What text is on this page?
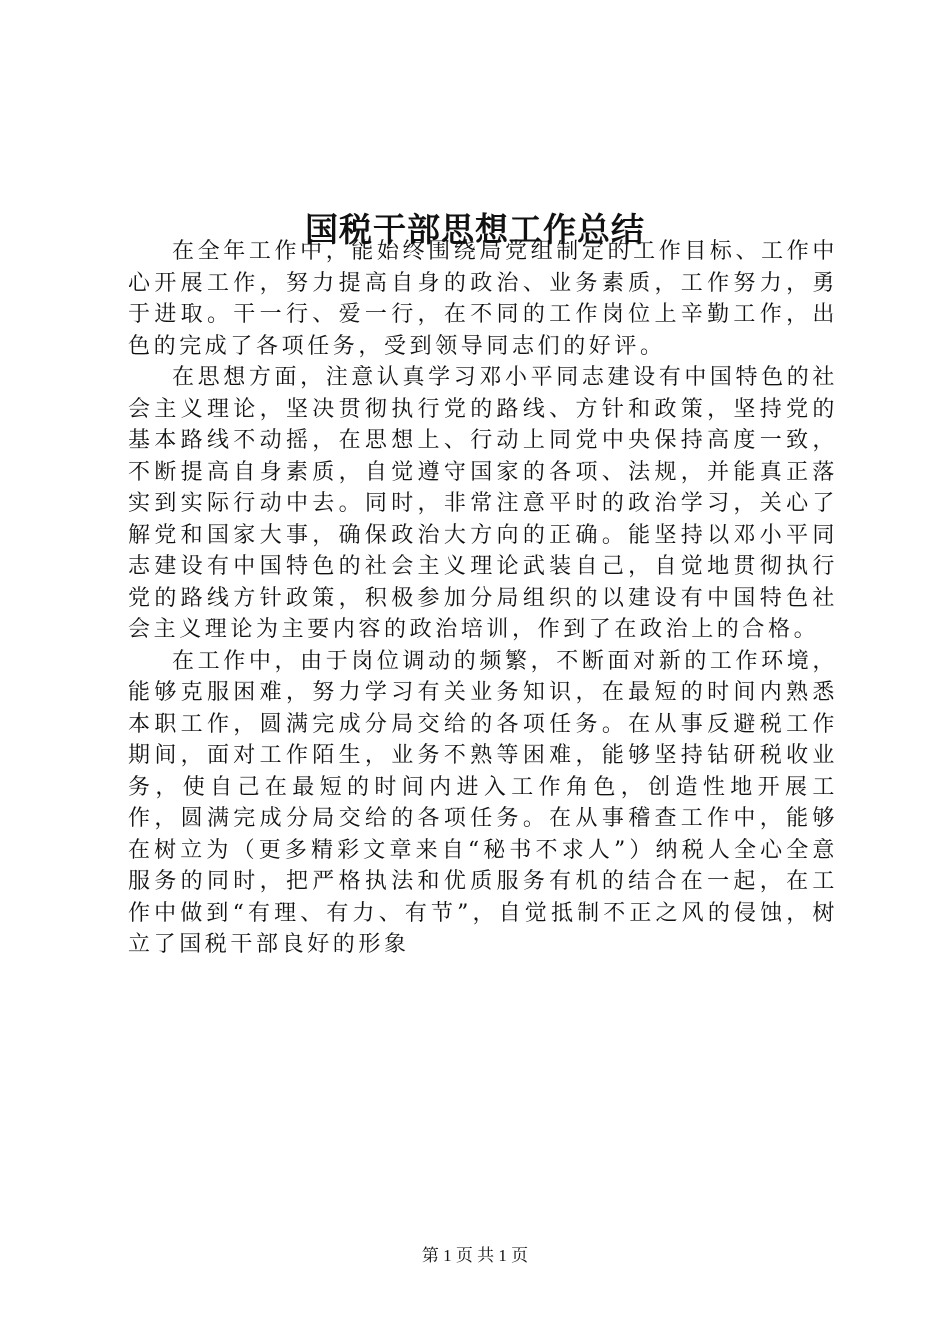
国税干部思想工作总结

在全年工作中，能始终围绕局党组制定的工作目标、工作中心开展工作，努力提高自身的政治、业务素质，工作努力，勇于进取。干一行、爱一行，在不同的工作岗位上辛勤工作，出色的完成了各项任务，受到领导同志们的好评。

在思想方面，注意认真学习邓小平同志建设有中国特色的社会主义理论，坚决贯彻执行党的路线、方针和政策，坚持党的基本路线不动摇，在思想上、行动上同党中央保持高度一致，不断提高自身素质，自觉遵守国家的各项、法规，并能真正落实到实际行动中去。同时，非常注意平时的政治学习，关心了解党和国家大事，确保政治大方向的正确。能坚持以邓小平同志建设有中国特色的社会主义理论武装自己，自觉地贯彻执行党的路线方针政策，积极参加分局组织的以建设有中国特色社会主义理论为主要内容的政治培训，作到了在政治上的合格。

在工作中，由于岗位调动的频繁，不断面对新的工作环境，能够克服困难，努力学习有关业务知识，在最短的时间内熟悉本职工作，圆满完成分局交给的各项任务。在从事反避税工作期间，面对工作陌生，业务不熟等困难，能够坚持钻研税收业务，使自己在最短的时间内进入工作角色，创造性地开展工作，圆满完成分局交给的各项任务。在从事稽查工作中，能够在树立为（更多精彩文章来自“秘书不求人”）纳税人全心全意服务的同时，把严格执法和优质服务有机的结合在一起，在工作中做到“有理、有力、有节”，自觉抵制不正之风的侵蚀，树立了国税干部良好的形象

第 1 页 共 1 页
